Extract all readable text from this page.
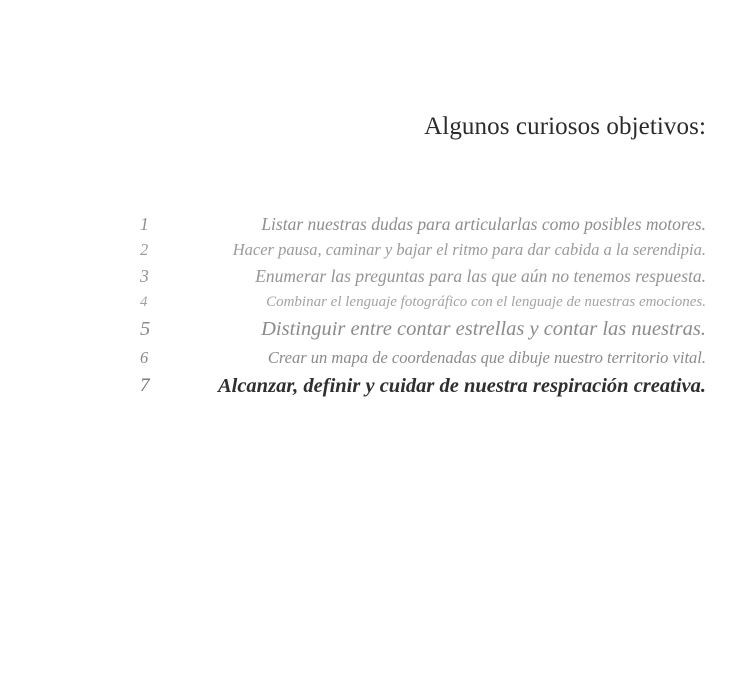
Algunos curiosos objetivos:
1	Listar nuestras dudas para articularlas como posibles motores.
2	Hacer pausa, caminar y bajar el ritmo para dar cabida a la serendipia.
3	Enumerar las preguntas para las que aún no tenemos respuesta.
4	Combinar el lenguaje fotográfico con el lenguaje de nuestras emociones.
5	Distinguir entre contar estrellas y contar las nuestras.
6	Crear un mapa de coordenadas que dibuje nuestro territorio vital.
7	Alcanzar, definir y cuidar de nuestra respiración creativa.
